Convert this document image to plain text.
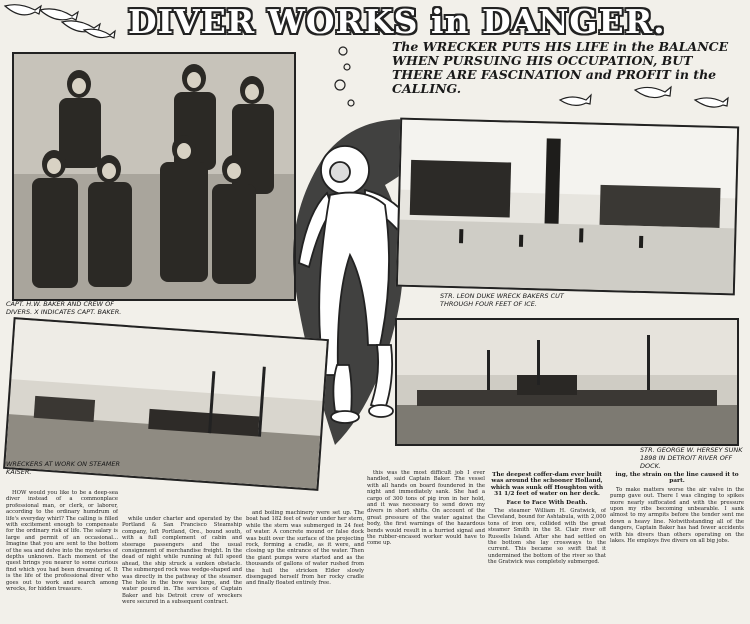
DIVER WORKS in DANGER.
The WRECKER PUTS HIS LIFE in the BALANCE WHEN PURSUING HIS OCCUPATION, BUT THERE ARE FASCINATION and PROFIT in the CALLING.
CAPT. H.W. BAKER AND CREW OF DIVERS. X INDICATES CAPT. BAKER.
STR. LEON DUKE WRECK BAKERS CUT THROUGH FOUR FEET OF ICE.
WRECKERS AT WORK ON STEAMER KAISER.
STR. GEORGE W. HERSEY SUNK 1898 IN DETROIT RIVER OFF DOCK.

HOW would you like to be a deep-sea diver instead of a commonplace professional man, or clerk, or laborer, according to the ordinary humdrum of life's everyday whirl? The calling is filled with excitement enough to compensate for the ordinary risk of life. The salary is large and permit of an occasional... Imagine that you are sent to the bottom of the sea and delve into the mysteries of depths unknown. Each moment of the quest brings you nearer to some curious find which you had been dreaming of. It is the life of the professional diver who goes out to work and search among wrecks, for hidden treasure.

while under charter and operated by the Portland & San Francisco Steamship company, left Portland, Ore., bound south, with a full complement of cabin and steerage passengers and the usual consignment of merchandise freight. In the dead of night while running at full speed ahead, the ship struck a sunken obstacle. The submerged rock was wedge-shaped and was directly in the pathway of the steamer. The hole in the bow was large, and the water poured in. The services of Captain Baker and his Detroit crew of wreckers were secured in a subsequent contract.

and boiling machinery were set up. The boat had 182 feet of water under her stern, while the stern was submerged in 24 feet of water. A concrete mound or false dock was built over the surface of the projecting rock, forming a cradle, as it were, and closing up the entrance of the water. Then the giant pumps were started and as the thousands of gallons of water rushed from the hull the stricken Elder slowly disengaged herself from her rocky cradle and finally floated entirely free.

this was the most difficult job I ever handled, said Captain Baker. The vessel with all hands on board foundered in the night and immediately sank. She had a cargo of 300 tons of pig iron in her hold, and it was necessary to send down my divers in short shifts. On account of the great pressure of the water against the body, the first warnings of the hazardous bends would result in a hurried signal and the rubber-encased worker would have to come up.

The deepest coffer-dam ever built was around the schooner Holland, which was sunk off Houghton with 31 1/2 feet of water on her deck.
Face to Face With Death.

The steamer William H. Gratwick, of Cleveland, bound for Ashtabula, with 2,000 tons of iron ore, collided with the great steamer Smith in the St. Clair river off Russells Island. After she had settled on the bottom she lay crossways to the current. This became so swift that it undermined the bottom of the river so that the Gratwick was completely submerged.

ing, the strain on the line caused it to part.

To make matters worse the air valve in the pump gave out. There I was clinging to spikes more nearly suffocated and with the pressure upon my ribs becoming unbearable. I sank almost to my armpits before the tender sent me down a heavy line. Notwithstanding all of the dangers, Captain Baker has had fewer accidents with his divers than others operating on the lakes. He employs five divers on all big jobs.
